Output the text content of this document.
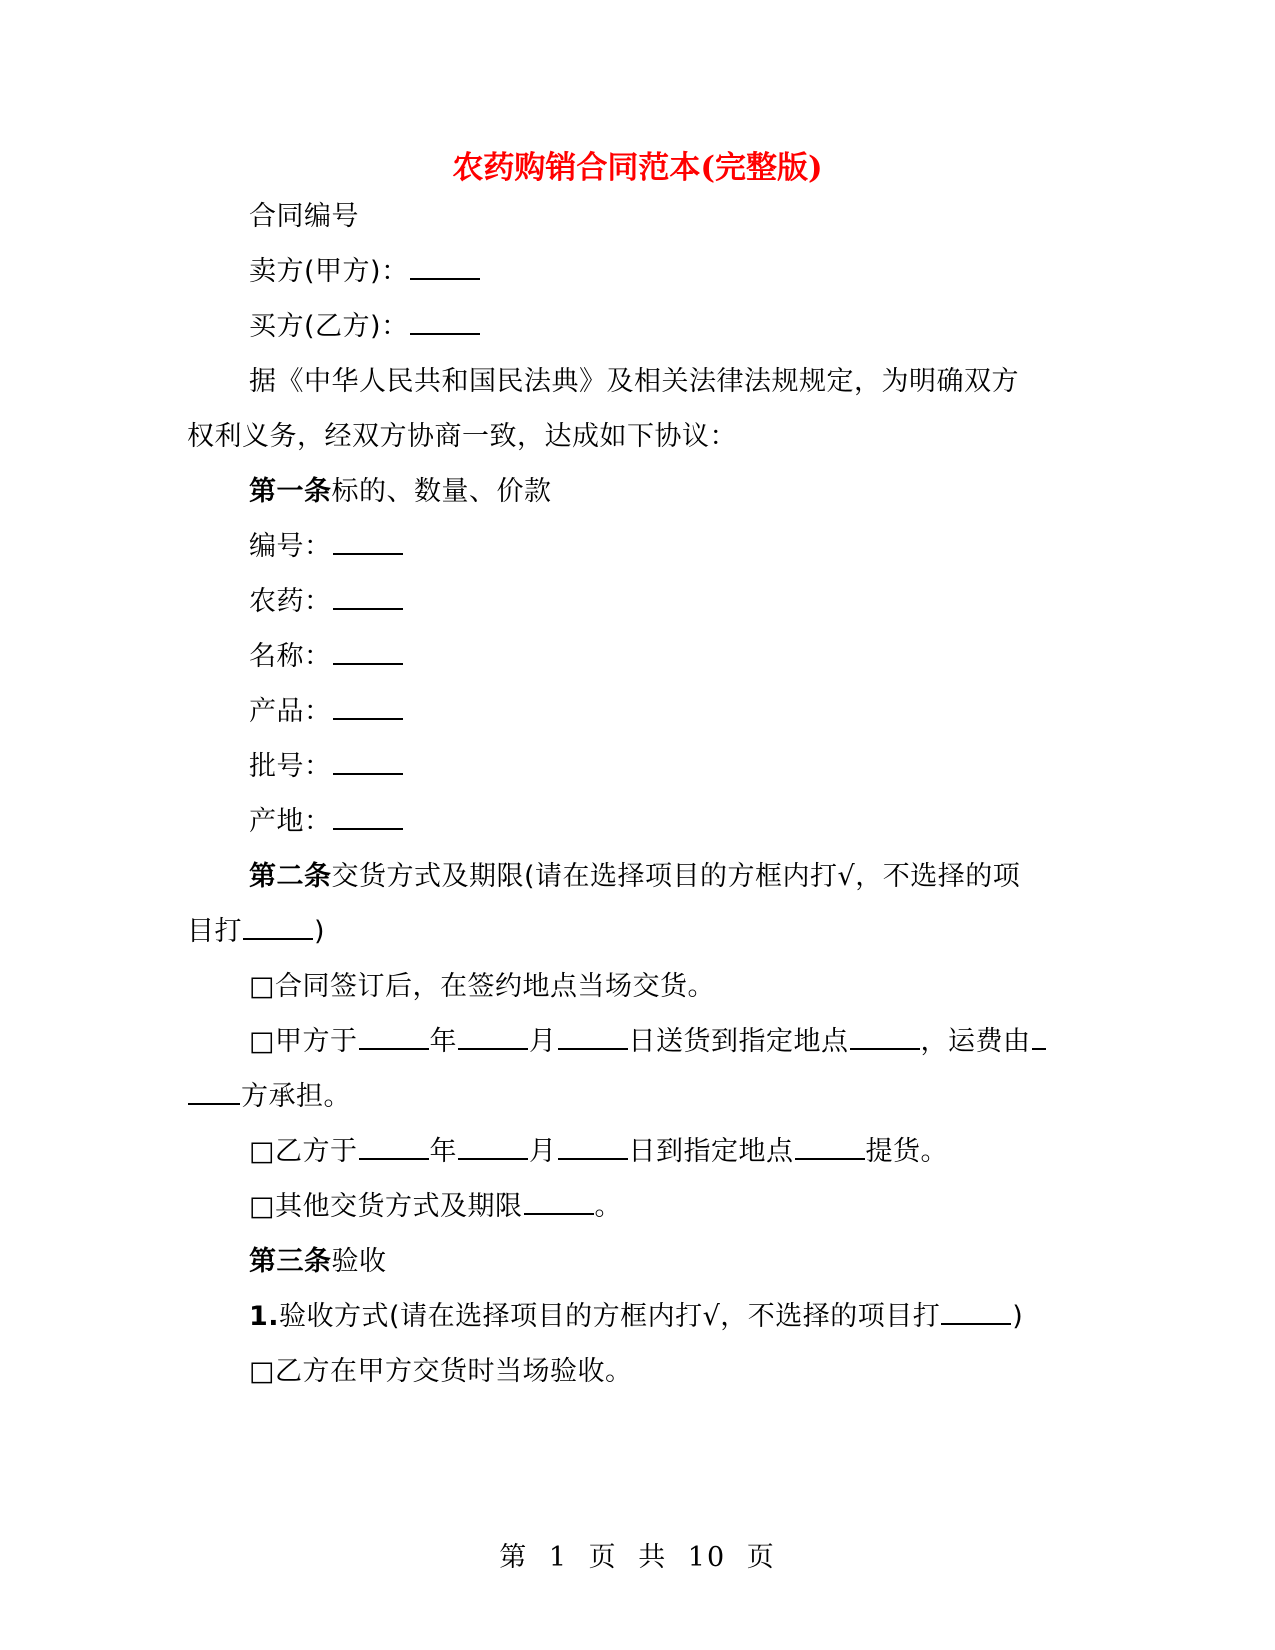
农药购销合同范本(完整版)
合同编号
卖方(甲方)：
买方(乙方)：
据《中华人民共和国民法典》及相关法律法规规定，为明确双方
权利义务，经双方协商一致，达成如下协议：
第一条标的、数量、价款
编号：
农药：
名称：
产品：
批号：
产地：
第二条交货方式及期限(请在选择项目的方框内打√，不选择的项
目打	)
□合同签订后，在签约地点当场交货。
□甲方于	年	月	日送货到指定地点	，运费由
方承担。
□乙方于	年	月	日到指定地点	提货。
□其他交货方式及期限	。
第三条验收
1.验收方式(请在选择项目的方框内打√，不选择的项目打	)
□乙方在甲方交货时当场验收。
第 1 页 共 10 页
